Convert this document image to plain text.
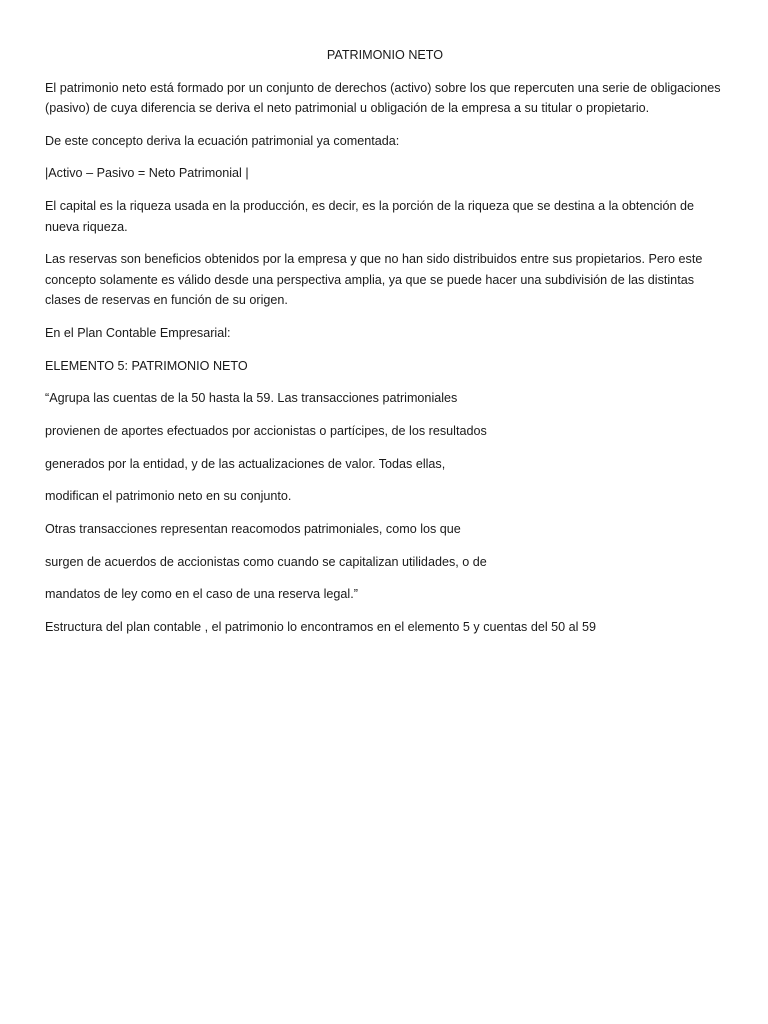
PATRIMONIO NETO
El patrimonio neto está formado por un conjunto de derechos (activo) sobre los que repercuten una serie de obligaciones (pasivo) de cuya diferencia se deriva el neto patrimonial u obligación de la empresa a su titular o propietario.
De este concepto deriva la ecuación patrimonial ya comentada:
|Activo – Pasivo = Neto Patrimonial |
El capital es la riqueza usada en la producción, es decir, es la porción de la riqueza que se destina a la obtención de nueva riqueza.
Las reservas son beneficios obtenidos por la empresa y que no han sido distribuidos entre sus propietarios. Pero este concepto solamente es válido desde una perspectiva amplia, ya que se puede hacer una subdivisión de las distintas clases de reservas en función de su origen.
En el Plan Contable Empresarial:
ELEMENTO 5: PATRIMONIO NETO
“Agrupa las cuentas de la 50 hasta la 59. Las transacciones patrimoniales
provienen de aportes efectuados por accionistas o partícipes, de los resultados
generados por la entidad, y de las actualizaciones de valor. Todas ellas,
modifican el patrimonio neto en su conjunto.
Otras transacciones representan reacomodos patrimoniales, como los que
surgen de acuerdos de accionistas como cuando se capitalizan utilidades, o de
mandatos de ley como en el caso de una reserva legal.”
Estructura del plan contable , el patrimonio lo encontramos en el elemento 5 y cuentas del 50 al 59
